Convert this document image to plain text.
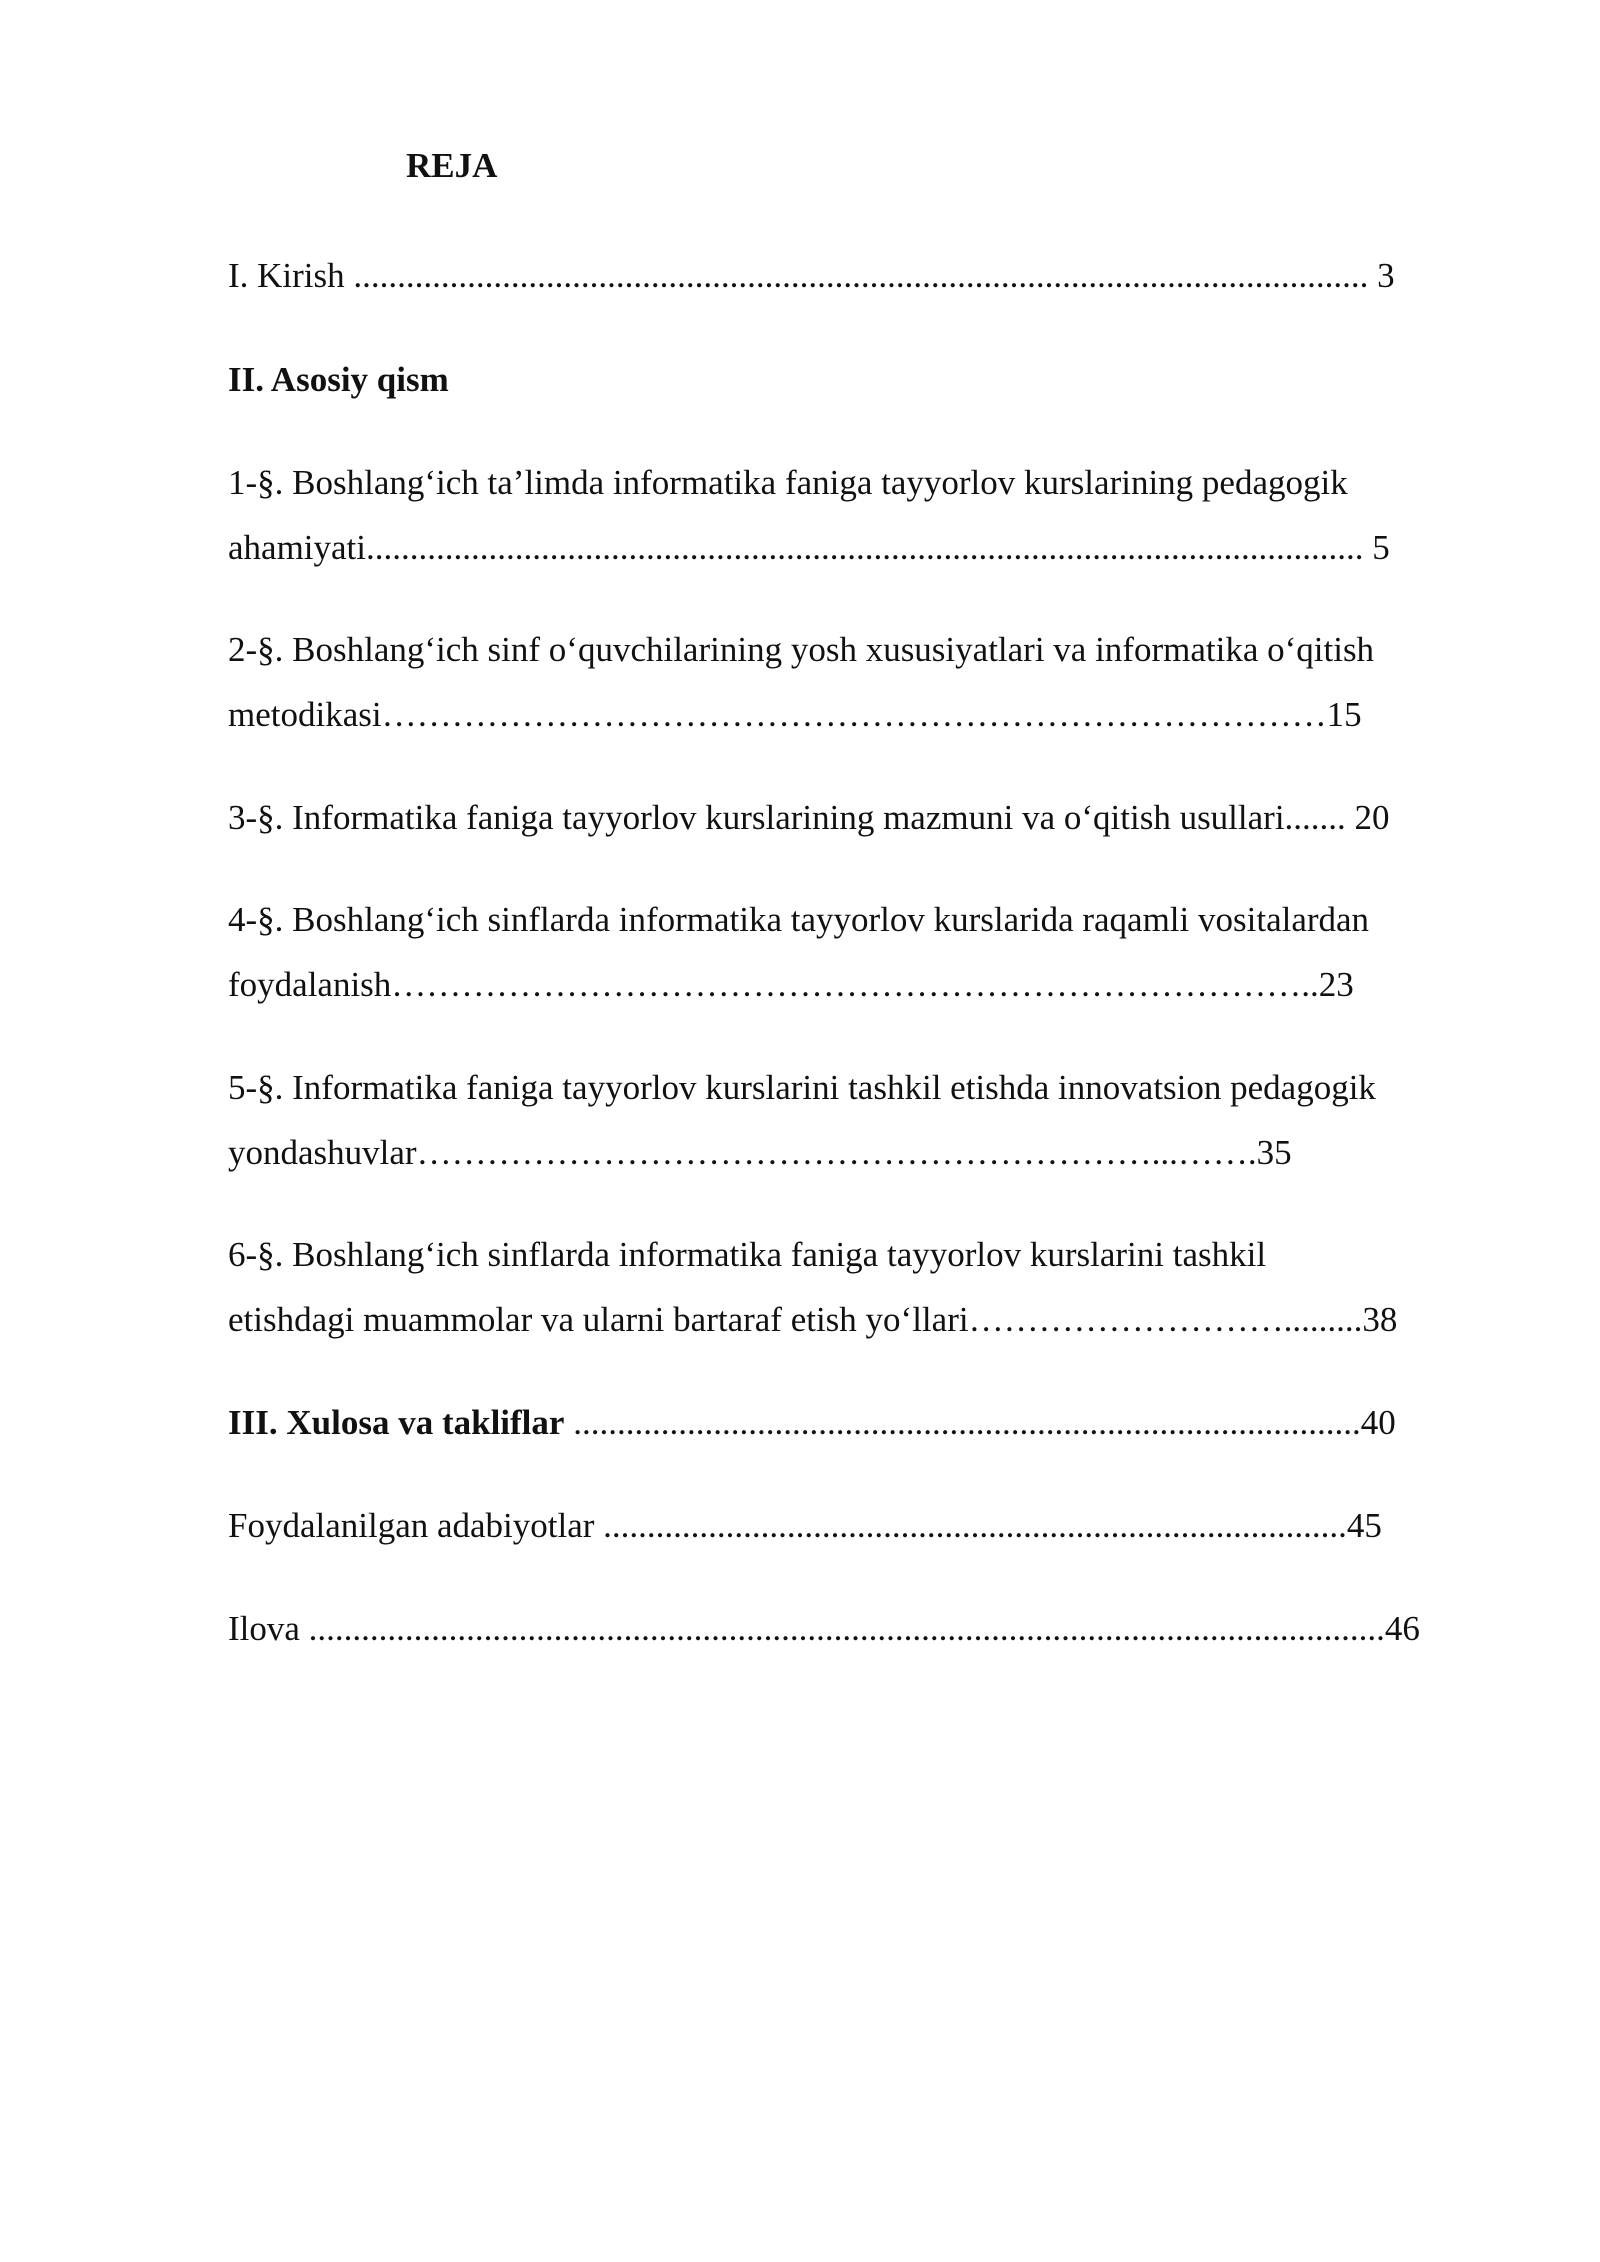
REJA
I. Kirish .................................................................................................................... 3
II. Asosiy qism
1-§. Boshlang‘ich ta’limda informatika faniga tayyorlov kurslarining pedagogik
ahamiyati.................................................................................................................. 5
2-§. Boshlang‘ich sinf o‘quvchilarining yosh xususiyatlari va informatika o‘qitish
metodikasi………………………………………………………………………15
3-§. Informatika faniga tayyorlov kurslarining mazmuni va o‘qitish usullari....... 20
4-§. Boshlang‘ich sinflarda informatika tayyorlov kurslarida raqamli vositalardan
foydalanish……………………………………………………………………..23
5-§. Informatika faniga tayyorlov kurslarini tashkil etishda innovatsion pedagogik
yondashuvlar………………………………………………………...…….35
6-§. Boshlang‘ich sinflarda informatika faniga tayyorlov kurslarini tashkil
etishdagi muammolar va ularni bartaraf etish yo‘llari……………………….........38
III. Xulosa va takliflar ..........................................................................................40
Foydalanilgan adabiyotlar .....................................................................................45
Ilova ...........................................................................................................................46
